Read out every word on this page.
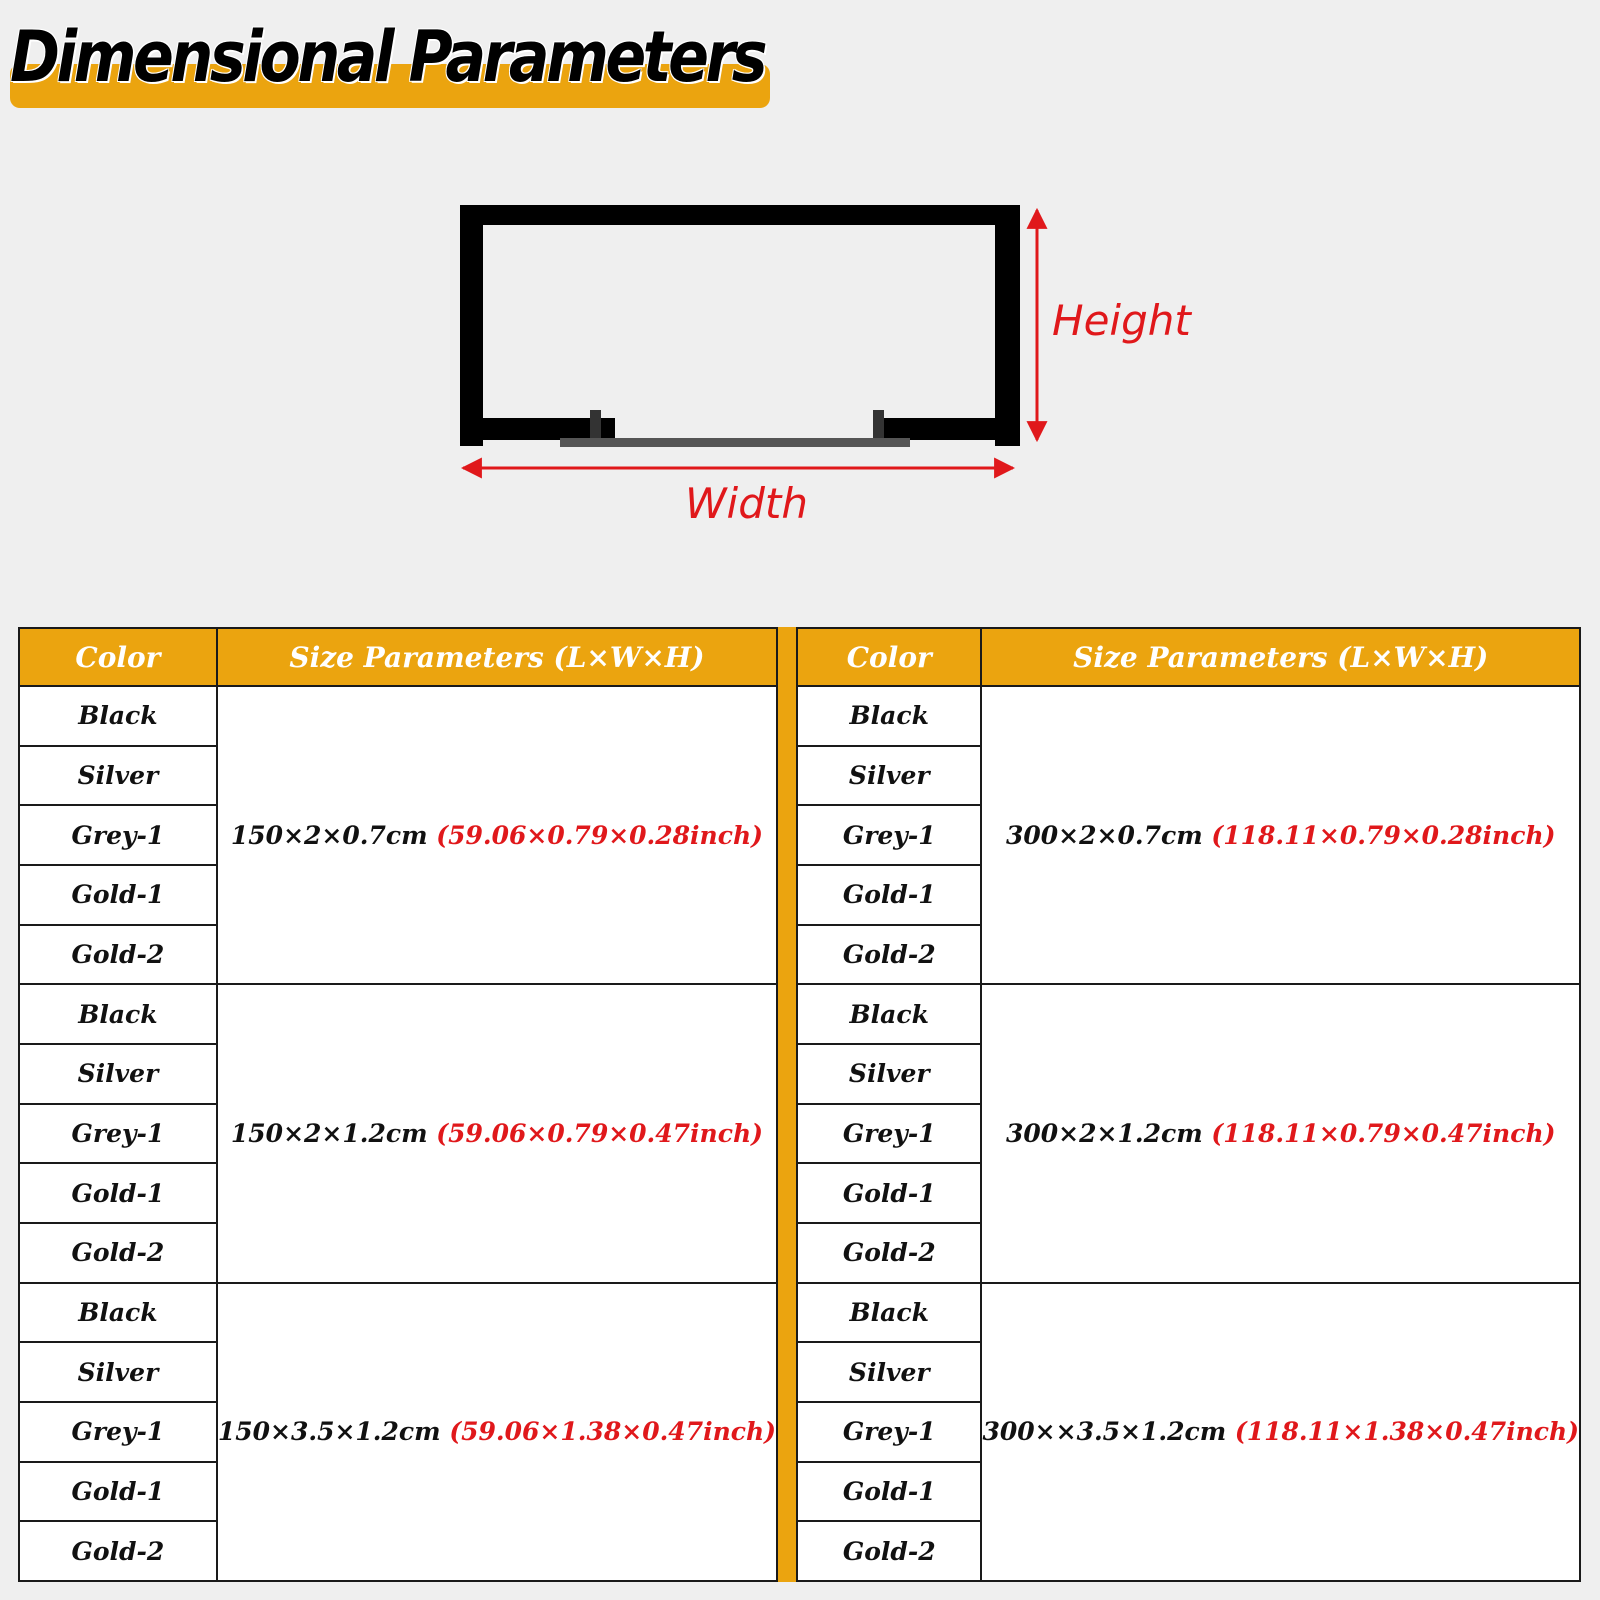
Dimensional Parameters
Height
Width
Color	Size Parameters (L×W×H)
Black	150×2×0.7cm (59.06×0.79×0.28inch)
Silver	
Grey-1	
Gold-1	
Gold-2	
Black	150×2×1.2cm (59.06×0.79×0.47inch)
Silver	
Grey-1	
Gold-1	
Gold-2	
Black	150×3.5×1.2cm (59.06×1.38×0.47inch)
Silver	
Grey-1	
Gold-1	
Gold-2	
Color	Size Parameters (L×W×H)
Black	300×2×0.7cm (118.11×0.79×0.28inch)
Silver	
Grey-1	
Gold-1	
Gold-2	
Black	300×2×1.2cm (118.11×0.79×0.47inch)
Silver	
Grey-1	
Gold-1	
Gold-2	
Black	300××3.5×1.2cm (118.11×1.38×0.47inch)
Silver	
Grey-1	
Gold-1	
Gold-2	
